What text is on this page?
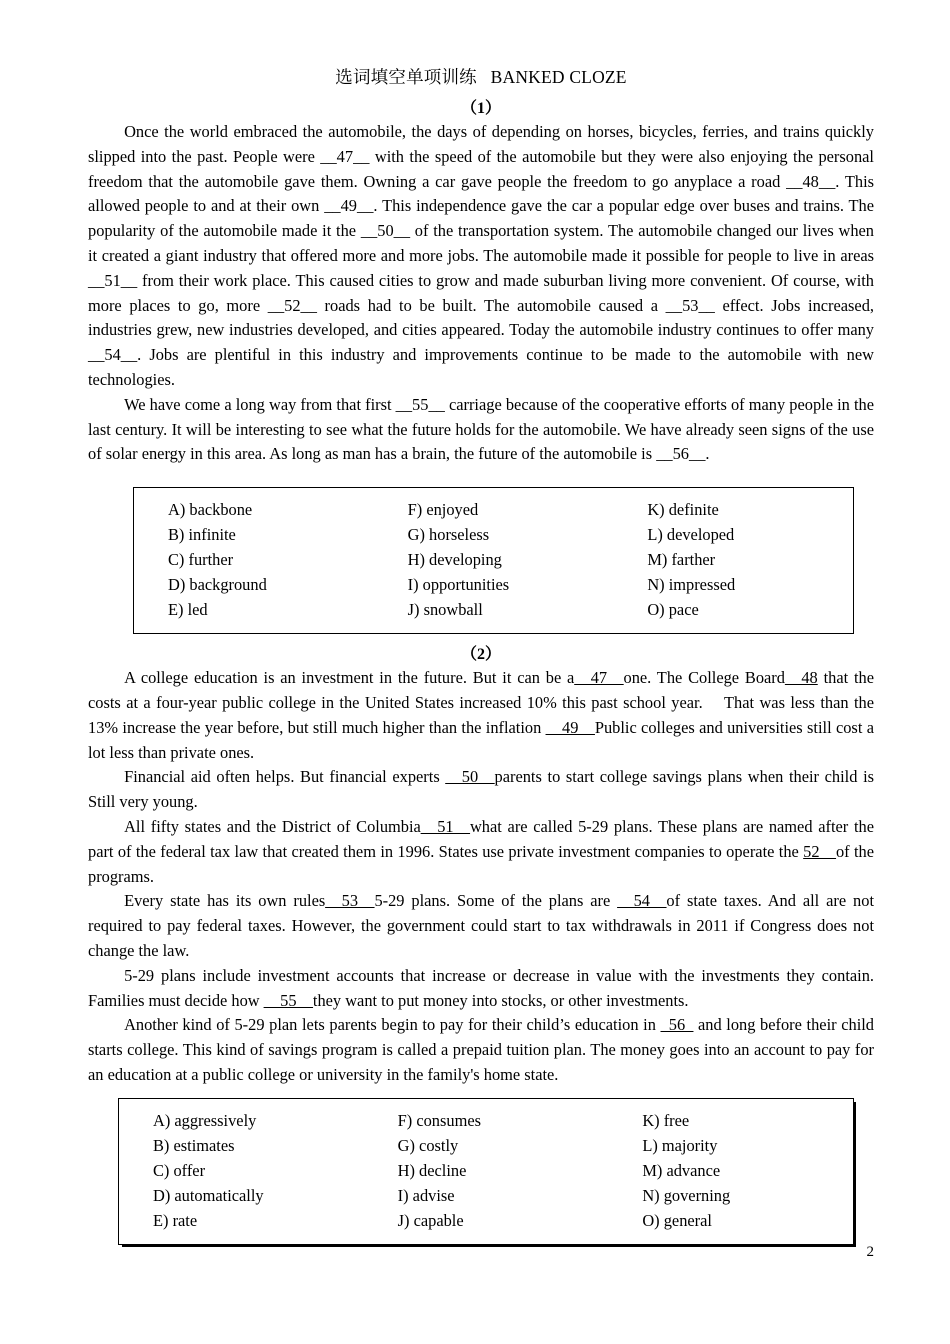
选词填空单项训练 BANKED CLOZE
（1）

Once the world embraced the automobile, the days of depending on horses, bicycles, ferries, and trains quickly slipped into the past. People were __47__ with the speed of the automobile but they were also enjoying the personal freedom that the automobile gave them. Owning a car gave people the freedom to go anyplace a road __48__. This allowed people to and at their own __49__. This independence gave the car a popular edge over buses and trains. The popularity of the automobile made it the __50__ of the transportation system. The automobile changed our lives when it created a giant industry that offered more and more jobs. The automobile made it possible for people to live in areas __51__ from their work place. This caused cities to grow and made suburban living more convenient. Of course, with more places to go, more __52__ roads had to be built. The automobile caused a __53__ effect. Jobs increased, industries grew, new industries developed, and cities appeared. Today the automobile industry continues to offer many __54__. Jobs are plentiful in this industry and improvements continue to be made to the automobile with new technologies.

We have come a long way from that first __55__ carriage because of the cooperative efforts of many people in the last century. It will be interesting to see what the future holds for the automobile. We have already seen signs of the use of solar energy in this area. As long as man has a brain, the future of the automobile is __56__.

（2）

A college education is an investment in the future. But it can be a__47__one. The College Board__48 that the costs at a four-year public college in the United States increased 10% this past school year.    That was less than the 13% increase the year before, but still much higher than the inflation __49__Public colleges and universities still cost a lot less than private ones.

Financial aid often helps. But financial experts __50__parents to start college savings plans when their child is Still very young.

All fifty states and the District of Columbia__51__what are called 5-29 plans. These plans are named after the part of the federal tax law that created them in 1996. States use private investment companies to operate the 52__of the programs.

Every state has its own rules__53__5-29 plans. Some of the plans are __54__of state taxes. And all are not required to pay federal taxes. However, the government could start to tax withdrawals in 2011 if Congress does not change the law.

5-29 plans include investment accounts that increase or decrease in value with the investments they contain. Families must decide how __55__they want to put money into stocks, or other investments.

Another kind of 5-29 plan lets parents begin to pay for their child’s education in _56_ and long before their child starts college. This kind of savings program is called a prepaid tuition plan. The money goes into an account to pay for an education at a public college or university in the family's home state.

A) backbone
B) infinite
C) further
D) background
E) led
F) enjoyed
G) horseless
H) developing
I) opportunities
J) snowball
K) definite
L) developed
M) farther
N) impressed
O) pace
A) aggressively
B) estimates
C) offer
D) automatically
E) rate
F) consumes
G) costly
H) decline
I) advise
J) capable
K) free
L) majority
M) advance
N) governing
O) general
2
